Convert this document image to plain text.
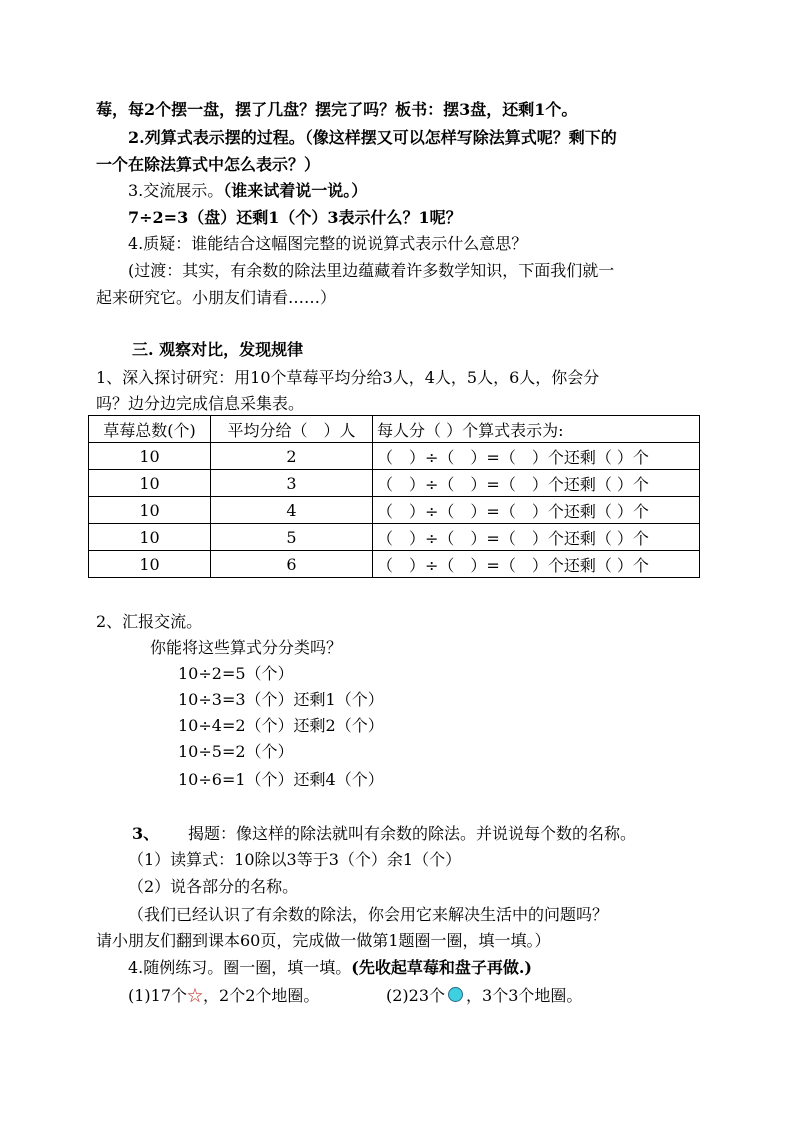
莓，每2个摆一盘，摆了几盘？摆完了吗？板书：摆3盘，还剩1个。
2.列算式表示摆的过程。（像这样摆又可以怎样写除法算式呢？剩下的
一个在除法算式中怎么表示？）
3.交流展示。（谁来试着说一说。）
7÷2=3（盘）还剩1（个）3表示什么？1呢？
4.质疑：谁能结合这幅图完整的说说算式表示什么意思？
(过渡：其实，有余数的除法里边蕴藏着许多数学知识，下面我们就一
起来研究它。小朋友们请看……）
三. 观察对比，发现规律
1、深入探讨研究：用10个草莓平均分给3人，4人，5人，6人，你会分
吗？边分边完成信息采集表。
草莓总数(个)	平均分给（　）人	每人分（ ）个算式表示为:
10	2	（　）÷（　）=（　）个还剩（ ）个
10	3	（　）÷（　）=（　）个还剩（ ）个
10	4	（　）÷（　）=（　）个还剩（ ）个
10	5	（　）÷（　）=（　）个还剩（ ）个
10	6	（　）÷（　）=（　）个还剩（ ）个
2、汇报交流。
你能将这些算式分分类吗？
10÷2=5（个）
10÷3=3（个）还剩1（个）
10÷4=2（个）还剩2（个）
10÷5=2（个）
10÷6=1（个）还剩4（个）
3、 揭题：像这样的除法就叫有余数的除法。并说说每个数的名称。
（1）读算式：10除以3等于3（个）余1（个）
（2）说各部分的名称。
（我们已经认识了有余数的除法，你会用它来解决生活中的问题吗？
请小朋友们翻到课本60页，完成做一做第1题圈一圈，填一填。）
4.随例练习。圈一圈，填一填。(先收起草莓和盘子再做.)
(1)17个☆，2个2个地圈。	(2)23个 ，3个3个地圈。
